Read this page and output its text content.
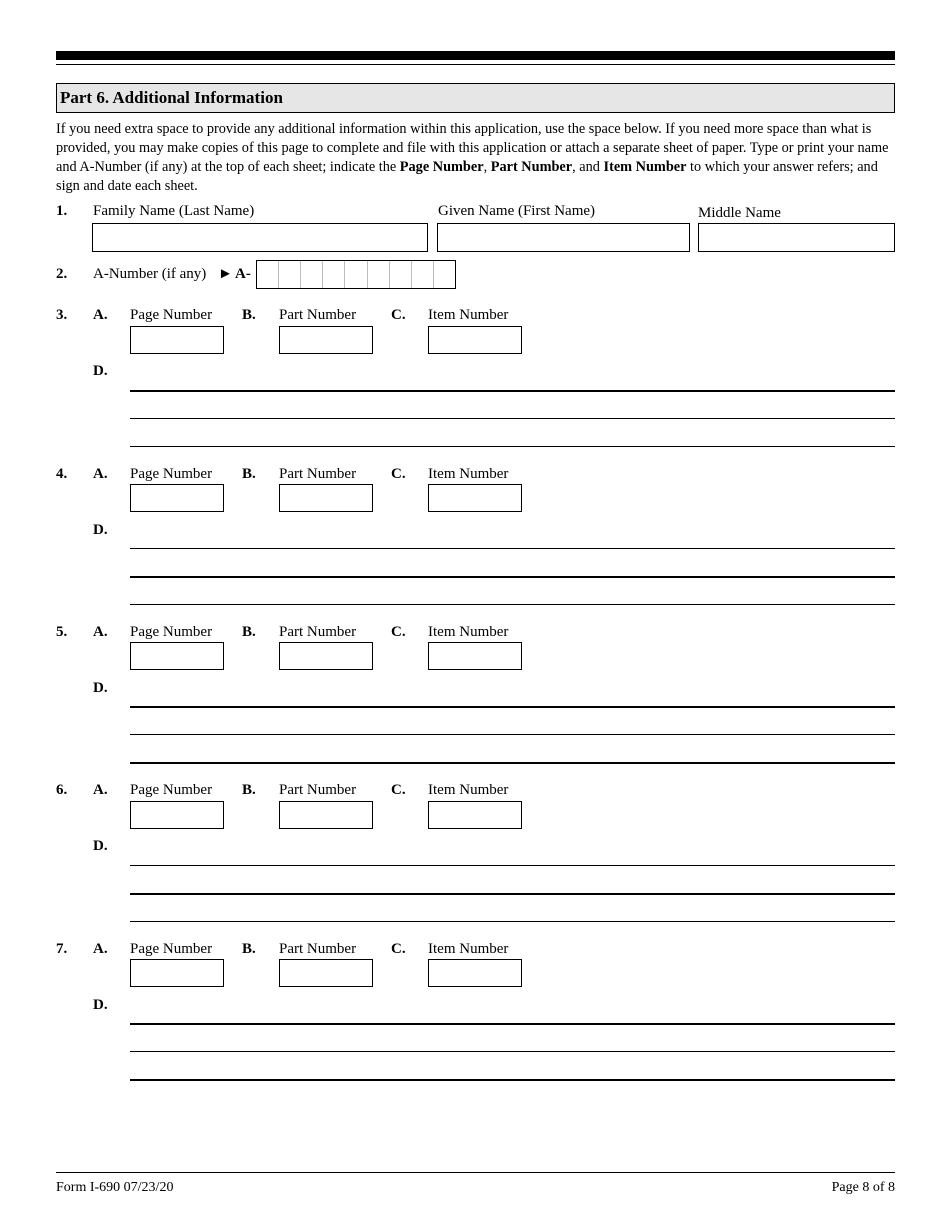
Part 6. Additional Information
If you need extra space to provide any additional information within this application, use the space below. If you need more space than what is provided, you may make copies of this page to complete and file with this application or attach a separate sheet of paper. Type or print your name and A-Number (if any) at the top of each sheet; indicate the Page Number, Part Number, and Item Number to which your answer refers; and sign and date each sheet.
1. Family Name (Last Name)	Given Name (First Name)	Middle Name
2. A-Number (if any) ► A-
3. A. Page Number B. Part Number C. Item Number
D.
4. A. Page Number B. Part Number C. Item Number
D.
5. A. Page Number B. Part Number C. Item Number
D.
6. A. Page Number B. Part Number C. Item Number
D.
7. A. Page Number B. Part Number C. Item Number
D.
Form I-690 07/23/20	Page 8 of 8
